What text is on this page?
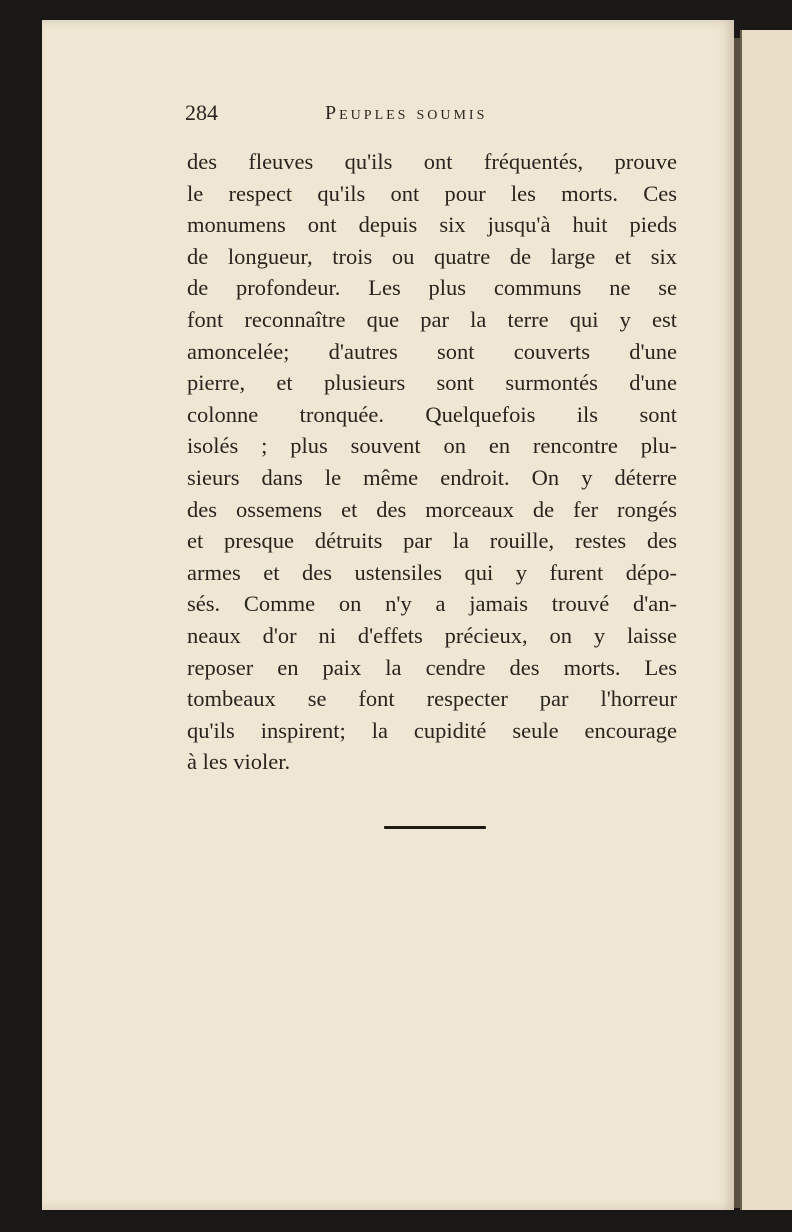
284	Peuples soumis
des fleuves qu'ils ont fréquentés, prouve
le respect qu'ils ont pour les morts. Ces
monumens ont depuis six jusqu'à huit pieds
de longueur, trois ou quatre de large et six
de profondeur. Les plus communs ne se
font reconnaître que par la terre qui y est
amoncelée; d'autres sont couverts d'une
pierre, et plusieurs sont surmontés d'une
colonne tronquée. Quelquefois ils sont
isolés ; plus souvent on en rencontre plu-
sieurs dans le même endroit. On y déterre
des ossemens et des morceaux de fer rongés
et presque détruits par la rouille, restes des
armes et des ustensiles qui y furent dépo-
sés. Comme on n'y a jamais trouvé d'an-
neaux d'or ni d'effets précieux, on y laisse
reposer en paix la cendre des morts. Les
tombeaux se font respecter par l'horreur
qu'ils inspirent; la cupidité seule encourage
à les violer.
